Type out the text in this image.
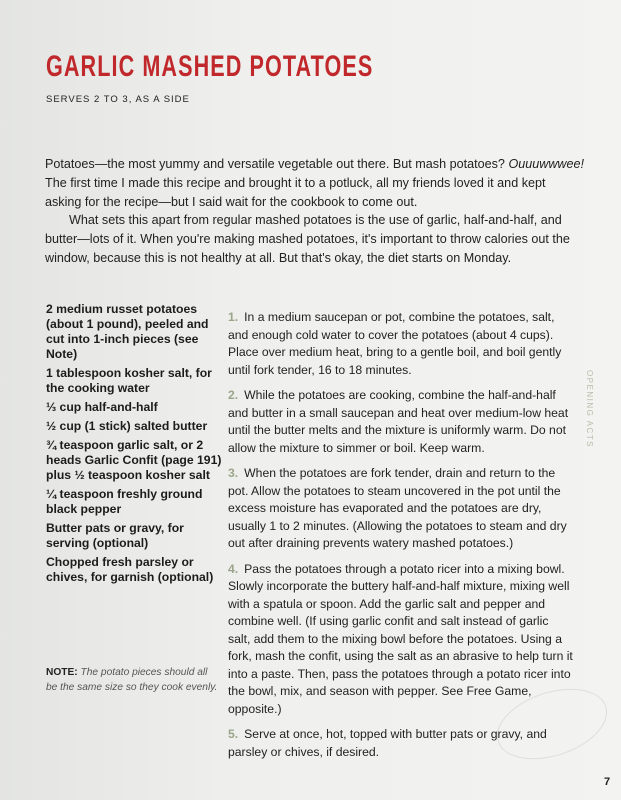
GARLIC MASHED POTATOES
SERVES 2 TO 3, AS A SIDE

Potatoes—the most yummy and versatile vegetable out there. But mash potatoes? Ouuuwwwee! The first time I made this recipe and brought it to a potluck, all my friends loved it and kept asking for the recipe—but I said wait for the cookbook to come out.

What sets this apart from regular mashed potatoes is the use of garlic, half-and-half, and butter—lots of it. When you're making mashed potatoes, it's important to throw calories out the window, because this is not healthy at all. But that's okay, the diet starts on Monday.

2 medium russet potatoes (about 1 pound), peeled and cut into 1-inch pieces (see Note)
1 tablespoon kosher salt, for the cooking water
⅓ cup half-and-half
½ cup (1 stick) salted butter
¾ teaspoon garlic salt, or 2 heads Garlic Confit (page 191) plus ½ teaspoon kosher salt
¼ teaspoon freshly ground black pepper
Butter pats or gravy, for serving (optional)
Chopped fresh parsley or chives, for garnish (optional)
NOTE: The potato pieces should all be the same size so they cook evenly.

1. In a medium saucepan or pot, combine the potatoes, salt, and enough cold water to cover the potatoes (about 4 cups). Place over medium heat, bring to a gentle boil, and boil gently until fork tender, 16 to 18 minutes.

2. While the potatoes are cooking, combine the half-and-half and butter in a small saucepan and heat over medium-low heat until the butter melts and the mixture is uniformly warm. Do not allow the mixture to simmer or boil. Keep warm.

3. When the potatoes are fork tender, drain and return to the pot. Allow the potatoes to steam uncovered in the pot until the excess moisture has evaporated and the potatoes are dry, usually 1 to 2 minutes. (Allowing the potatoes to steam and dry out after draining prevents watery mashed potatoes.)

4. Pass the potatoes through a potato ricer into a mixing bowl. Slowly incorporate the buttery half-and-half mixture, mixing well with a spatula or spoon. Add the garlic salt and pepper and combine well. (If using garlic confit and salt instead of garlic salt, add them to the mixing bowl before the potatoes. Using a fork, mash the confit, using the salt as an abrasive to help turn it into a paste. Then, pass the potatoes through a potato ricer into the bowl, mix, and season with pepper. See Free Game, opposite.)

5. Serve at once, hot, topped with butter pats or gravy, and parsley or chives, if desired.

OPENING ACTS
7
